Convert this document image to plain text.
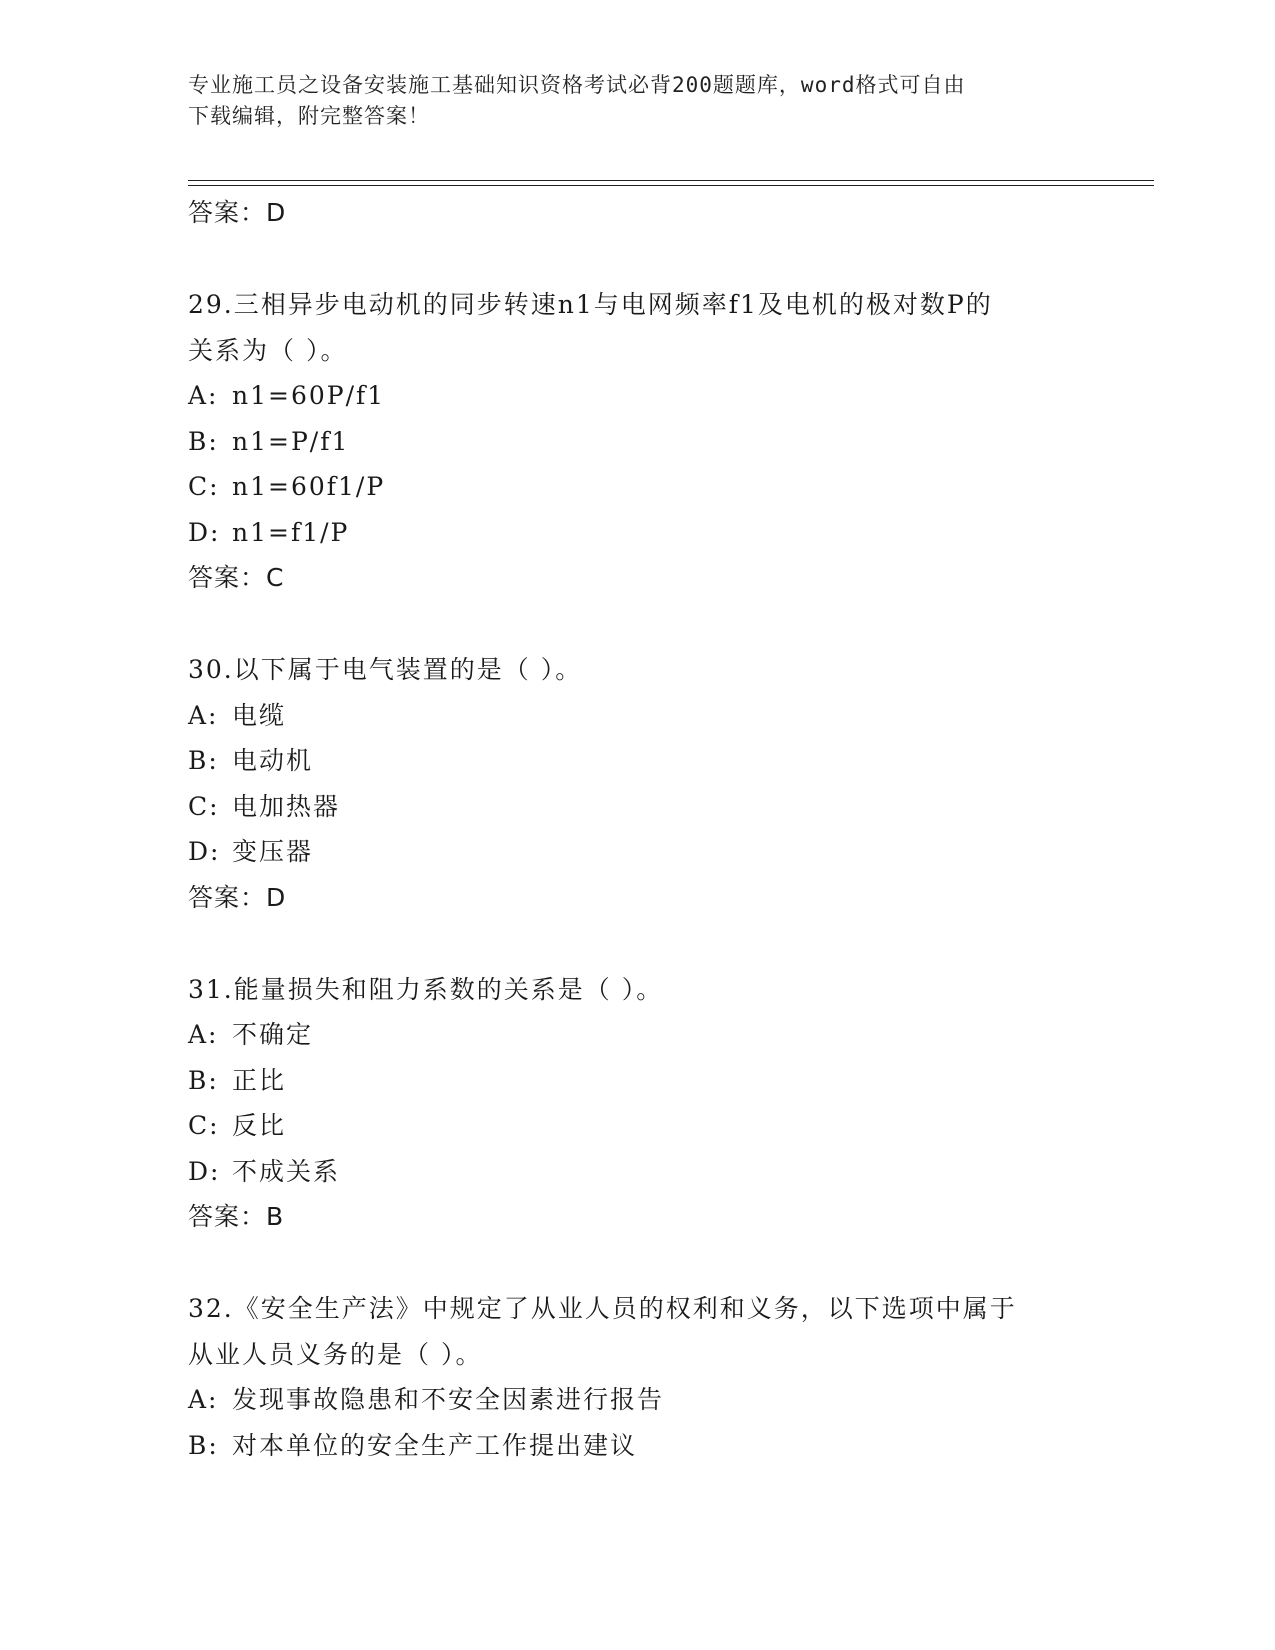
专业施工员之设备安装施工基础知识资格考试必背200题题库，word格式可自由
下载编辑，附完整答案！
答案：D
29.三相异步电动机的同步转速n1与电网频率f1及电机的极对数P的
关系为（ ）。
A: n1=60P/f1
B: n1=P/f1
C: n1=60f1/P
D: n1=f1/P
答案：C
30.以下属于电气装置的是（ ）。
A: 电缆
B: 电动机
C: 电加热器
D: 变压器
答案：D
31.能量损失和阻力系数的关系是（ ）。
A: 不确定
B: 正比
C: 反比
D: 不成关系
答案：B
32.《安全生产法》中规定了从业人员的权利和义务，以下选项中属于
从业人员义务的是（ ）。
A: 发现事故隐患和不安全因素进行报告
B: 对本单位的安全生产工作提出建议
